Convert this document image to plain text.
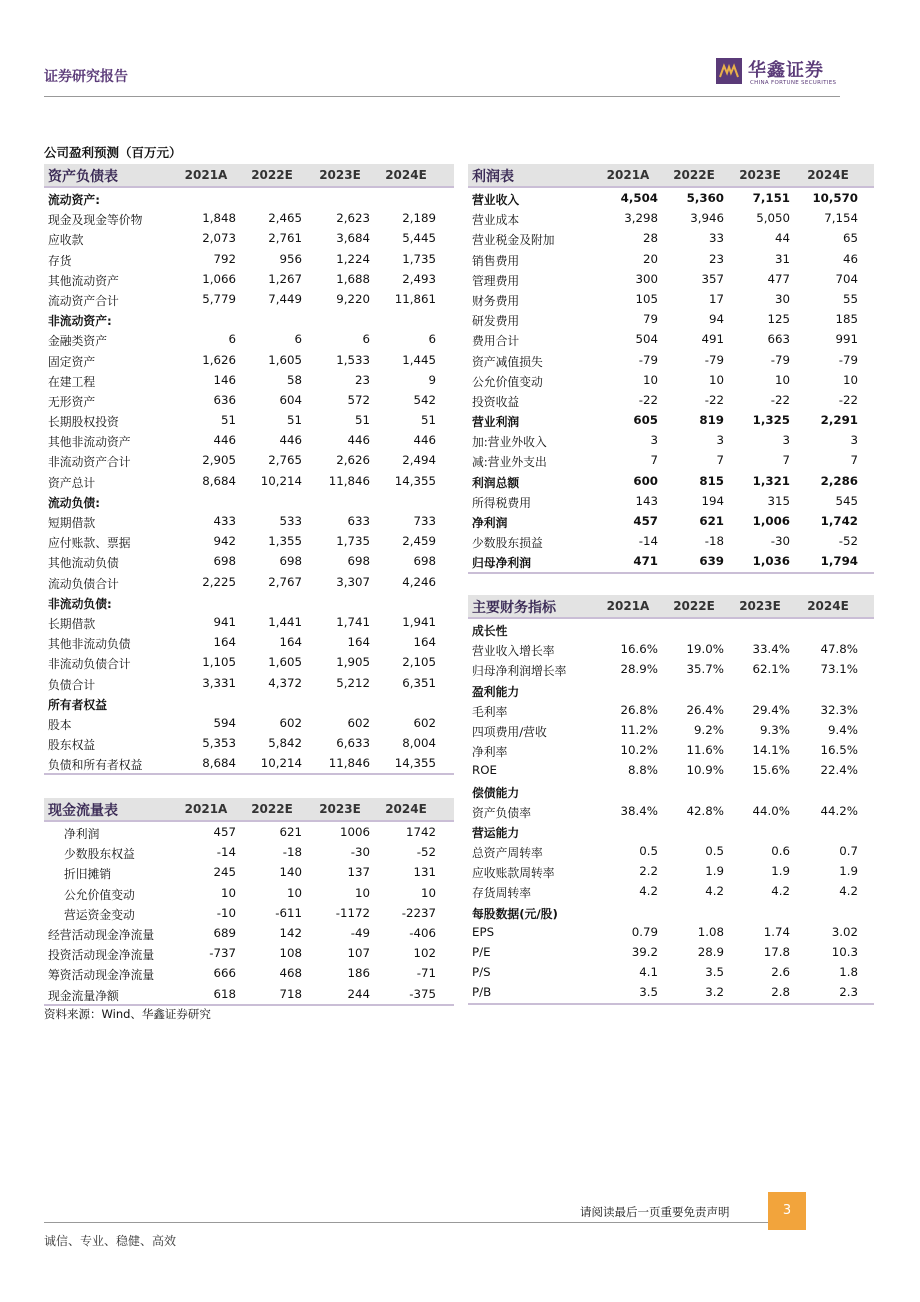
证券研究报告	华鑫证券
CHINA FORTUNE SECURITIES
公司盈利预测（百万元）
资产负债表	2021A	2022E	2023E	2024E
流动资产:
现金及现金等价物	1,848	2,465	2,623	2,189
应收款	2,073	2,761	3,684	5,445
存货	792	956	1,224	1,735
其他流动资产	1,066	1,267	1,688	2,493
流动资产合计	5,779	7,449	9,220	11,861
非流动资产:
金融类资产	6	6	6	6
固定资产	1,626	1,605	1,533	1,445
在建工程	146	58	23	9
无形资产	636	604	572	542
长期股权投资	51	51	51	51
其他非流动资产	446	446	446	446
非流动资产合计	2,905	2,765	2,626	2,494
资产总计	8,684	10,214	11,846	14,355
流动负债:
短期借款	433	533	633	733
应付账款、票据	942	1,355	1,735	2,459
其他流动负债	698	698	698	698
流动负债合计	2,225	2,767	3,307	4,246
非流动负债:
长期借款	941	1,441	1,741	1,941
其他非流动负债	164	164	164	164
非流动负债合计	1,105	1,605	1,905	2,105
负债合计	3,331	4,372	5,212	6,351
所有者权益
股本	594	602	602	602
股东权益	5,353	5,842	6,633	8,004
负债和所有者权益	8,684	10,214	11,846	14,355
现金流量表	2021A	2022E	2023E	2024E
净利润	457	621	1006	1742
少数股东权益	-14	-18	-30	-52
折旧摊销	245	140	137	131
公允价值变动	10	10	10	10
营运资金变动	-10	-611	-1172	-2237
经营活动现金净流量	689	142	-49	-406
投资活动现金净流量	-737	108	107	102
筹资活动现金净流量	666	468	186	-71
现金流量净额	618	718	244	-375
利润表	2021A	2022E	2023E	2024E
营业收入	4,504	5,360	7,151	10,570
营业成本	3,298	3,946	5,050	7,154
营业税金及附加	28	33	44	65
销售费用	20	23	31	46
管理费用	300	357	477	704
财务费用	105	17	30	55
研发费用	79	94	125	185
费用合计	504	491	663	991
资产减值损失	-79	-79	-79	-79
公允价值变动	10	10	10	10
投资收益	-22	-22	-22	-22
营业利润	605	819	1,325	2,291
加:营业外收入	3	3	3	3
减:营业外支出	7	7	7	7
利润总额	600	815	1,321	2,286
所得税费用	143	194	315	545
净利润	457	621	1,006	1,742
少数股东损益	-14	-18	-30	-52
归母净利润	471	639	1,036	1,794
主要财务指标	2021A	2022E	2023E	2024E
成长性
营业收入增长率	16.6%	19.0%	33.4%	47.8%
归母净利润增长率	28.9%	35.7%	62.1%	73.1%
盈利能力
毛利率	26.8%	26.4%	29.4%	32.3%
四项费用/营收	11.2%	9.2%	9.3%	9.4%
净利率	10.2%	11.6%	14.1%	16.5%
ROE	8.8%	10.9%	15.6%	22.4%
偿债能力
资产负债率	38.4%	42.8%	44.0%	44.2%
营运能力
总资产周转率	0.5	0.5	0.6	0.7
应收账款周转率	2.2	1.9	1.9	1.9
存货周转率	4.2	4.2	4.2	4.2
每股数据(元/股)
EPS	0.79	1.08	1.74	3.02
P/E	39.2	28.9	17.8	10.3
P/S	4.1	3.5	2.6	1.8
P/B	3.5	3.2	2.8	2.3
资料来源：Wind、华鑫证券研究
请阅读最后一页重要免责声明	3
诚信、专业、稳健、高效
